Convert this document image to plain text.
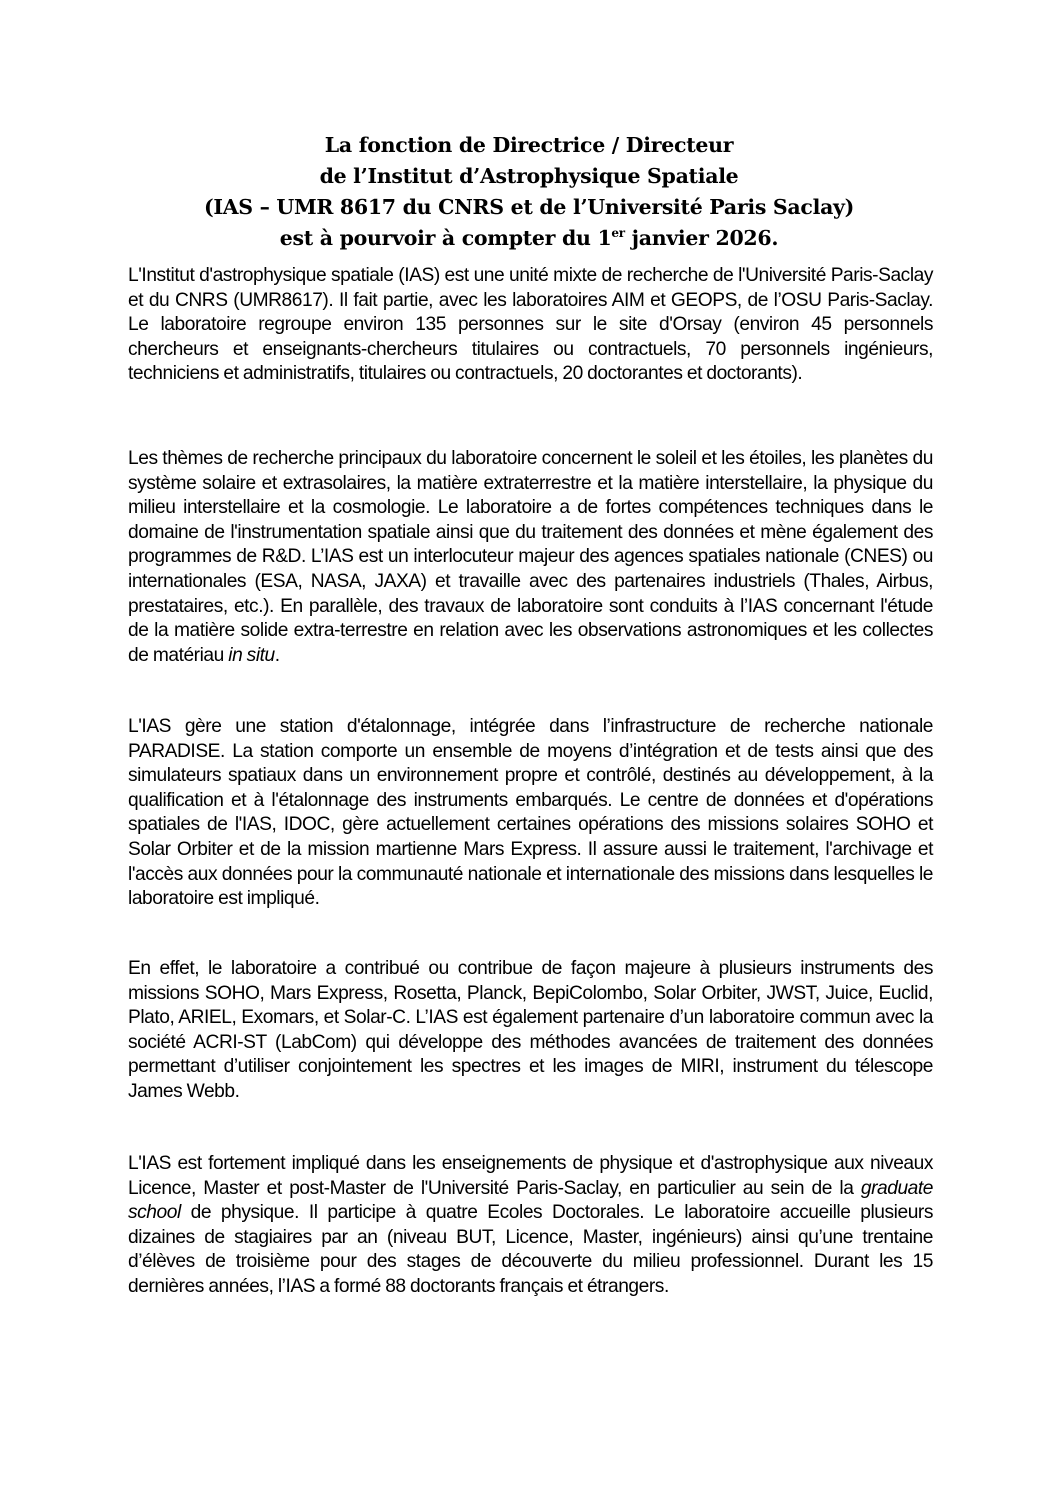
La fonction de Directrice / Directeur
de l’Institut d’Astrophysique Spatiale
(IAS – UMR 8617 du CNRS et de l’Université Paris Saclay)
est à pourvoir à compter du 1er janvier 2026.

L'Institut d'astrophysique spatiale (IAS) est une unité mixte de recherche de l'Université Paris-Saclay et du CNRS (UMR8617). Il fait partie, avec les laboratoires AIM et GEOPS, de l’OSU Paris-Saclay. Le laboratoire regroupe environ 135 personnes sur le site d'Orsay (environ 45 personnels chercheurs et enseignants-chercheurs titulaires ou contractuels, 70 personnels ingénieurs, techniciens et administratifs, titulaires ou contractuels, 20 doctorantes et doctorants).

Les thèmes de recherche principaux du laboratoire concernent le soleil et les étoiles, les planètes du système solaire et extrasolaires, la matière extraterrestre et la matière interstellaire, la physique du milieu interstellaire et la cosmologie. Le laboratoire a de fortes compétences techniques dans le domaine de l'instrumentation spatiale ainsi que du traitement des données et mène également des programmes de R&D. L’IAS est un interlocuteur majeur des agences spatiales nationale (CNES) ou internationales (ESA, NASA, JAXA) et travaille avec des partenaires industriels (Thales, Airbus, prestataires, etc.). En parallèle, des travaux de laboratoire sont conduits à l’IAS concernant l'étude de la matière solide extra-terrestre en relation avec les observations astronomiques et les collectes de matériau in situ.

L'IAS gère une station d'étalonnage, intégrée dans l’infrastructure de recherche nationale PARADISE. La station comporte un ensemble de moyens d’intégration et de tests ainsi que des simulateurs spatiaux dans un environnement propre et contrôlé, destinés au développement, à la qualification et à l'étalonnage des instruments embarqués. Le centre de données et d'opérations spatiales de l'IAS, IDOC, gère actuellement certaines opérations des missions solaires SOHO et Solar Orbiter et de la mission martienne Mars Express. Il assure aussi le traitement, l'archivage et l'accès aux données pour la communauté nationale et internationale des missions dans lesquelles le laboratoire est impliqué.

En effet, le laboratoire a contribué ou contribue de façon majeure à plusieurs instruments des missions SOHO, Mars Express, Rosetta, Planck, BepiColombo, Solar Orbiter, JWST, Juice, Euclid, Plato, ARIEL, Exomars, et Solar-C. L’IAS est également partenaire d’un laboratoire commun avec la société ACRI-ST (LabCom) qui développe des méthodes avancées de traitement des données permettant d’utiliser conjointement les spectres et les images de MIRI, instrument du télescope James Webb.

L'IAS est fortement impliqué dans les enseignements de physique et d'astrophysique aux niveaux Licence, Master et post-Master de l'Université Paris-Saclay, en particulier au sein de la graduate school de physique. Il participe à quatre Ecoles Doctorales. Le laboratoire accueille plusieurs dizaines de stagiaires par an (niveau BUT, Licence, Master, ingénieurs) ainsi qu’une trentaine d’élèves de troisième pour des stages de découverte du milieu professionnel. Durant les 15 dernières années, l’IAS a formé 88 doctorants français et étrangers.
